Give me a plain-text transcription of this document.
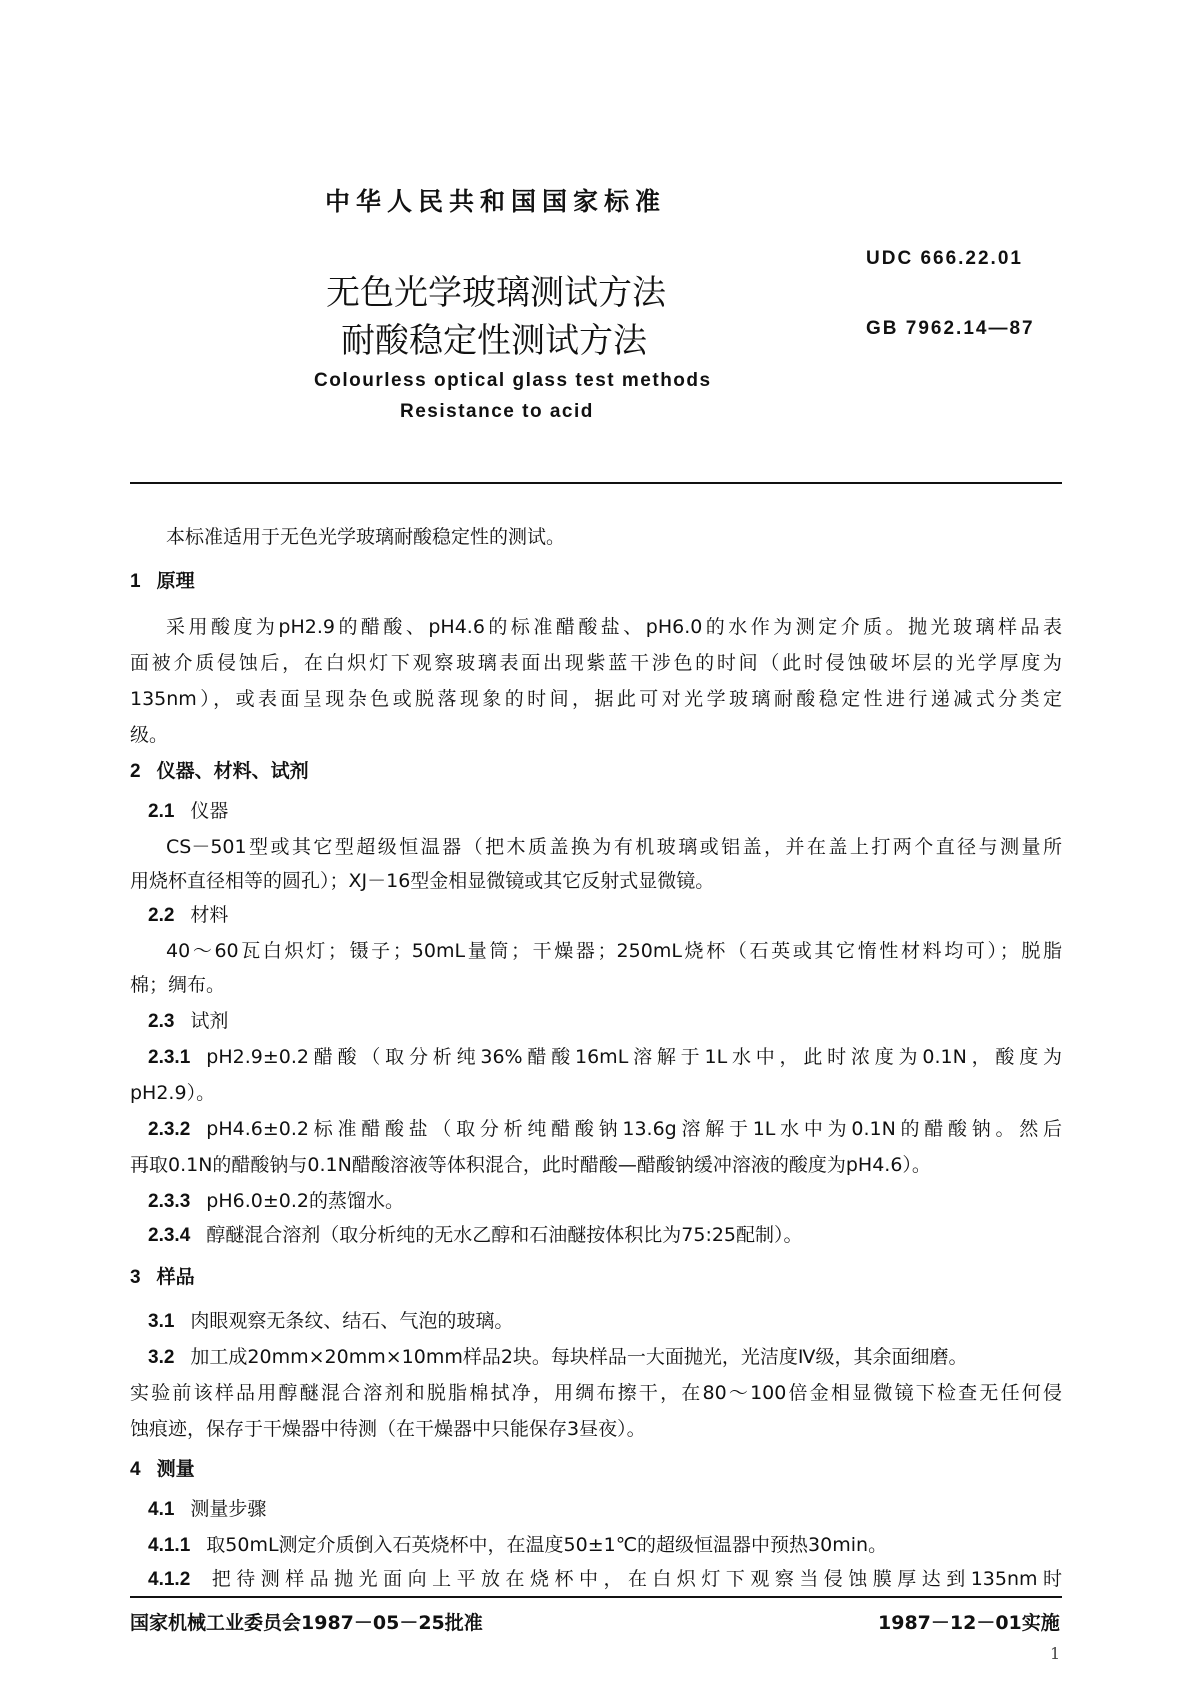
中华人民共和国国家标准
UDC 666.22.01
GB 7962.14—87
无色光学玻璃测试方法
耐酸稳定性测试方法
Colourless optical glass test methods
Resistance to acid
本标准适用于无色光学玻璃耐酸稳定性的测试。
1 原理
采用酸度为pH2.9的醋酸、pH4.6的标准醋酸盐、pH6.0的水作为测定介质。抛光玻璃样品表
面被介质侵蚀后，在白炽灯下观察玻璃表面出现紫蓝干涉色的时间（此时侵蚀破坏层的光学厚度为
135nm），或表面呈现杂色或脱落现象的时间，据此可对光学玻璃耐酸稳定性进行递减式分类定
级。
2 仪器、材料、试剂
2.1 仪器
CS－501型或其它型超级恒温器（把木质盖换为有机玻璃或铝盖，并在盖上打两个直径与测量所
用烧杯直径相等的圆孔）；XJ－16型金相显微镜或其它反射式显微镜。
2.2 材料
40～60瓦白炽灯；镊子；50mL量筒；干燥器；250mL烧杯（石英或其它惰性材料均可）；脱脂
棉；绸布。
2.3 试剂
2.3.1 pH2.9±0.2醋酸（取分析纯36%醋酸16mL溶解于1L水中，此时浓度为0.1N，酸度为
pH2.9）。
2.3.2 pH4.6±0.2标准醋酸盐（取分析纯醋酸钠13.6g溶解于1L水中为0.1N的醋酸钠。然后
再取0.1N的醋酸钠与0.1N醋酸溶液等体积混合，此时醋酸—醋酸钠缓冲溶液的酸度为pH4.6）。
2.3.3 pH6.0±0.2的蒸馏水。
2.3.4 醇醚混合溶剂（取分析纯的无水乙醇和石油醚按体积比为75:25配制）。
3 样品
3.1 肉眼观察无条纹、结石、气泡的玻璃。
3.2 加工成20mm×20mm×10mm样品2块。每块样品一大面抛光，光洁度Ⅳ级，其余面细磨。
实验前该样品用醇醚混合溶剂和脱脂棉拭净，用绸布擦干，在80～100倍金相显微镜下检查无任何侵
蚀痕迹，保存于干燥器中待测（在干燥器中只能保存3昼夜）。
4 测量
4.1 测量步骤
国家机械工业委员会1987－05－25批准	1987－12－01实施
1
4.1.1 取50mL测定介质倒入石英烧杯中，在温度50±1℃的超级恒温器中预热30min。
4.1.2 把待测样品抛光面向上平放在烧杯中，在白炽灯下观察当侵蚀膜厚达到135nm时
